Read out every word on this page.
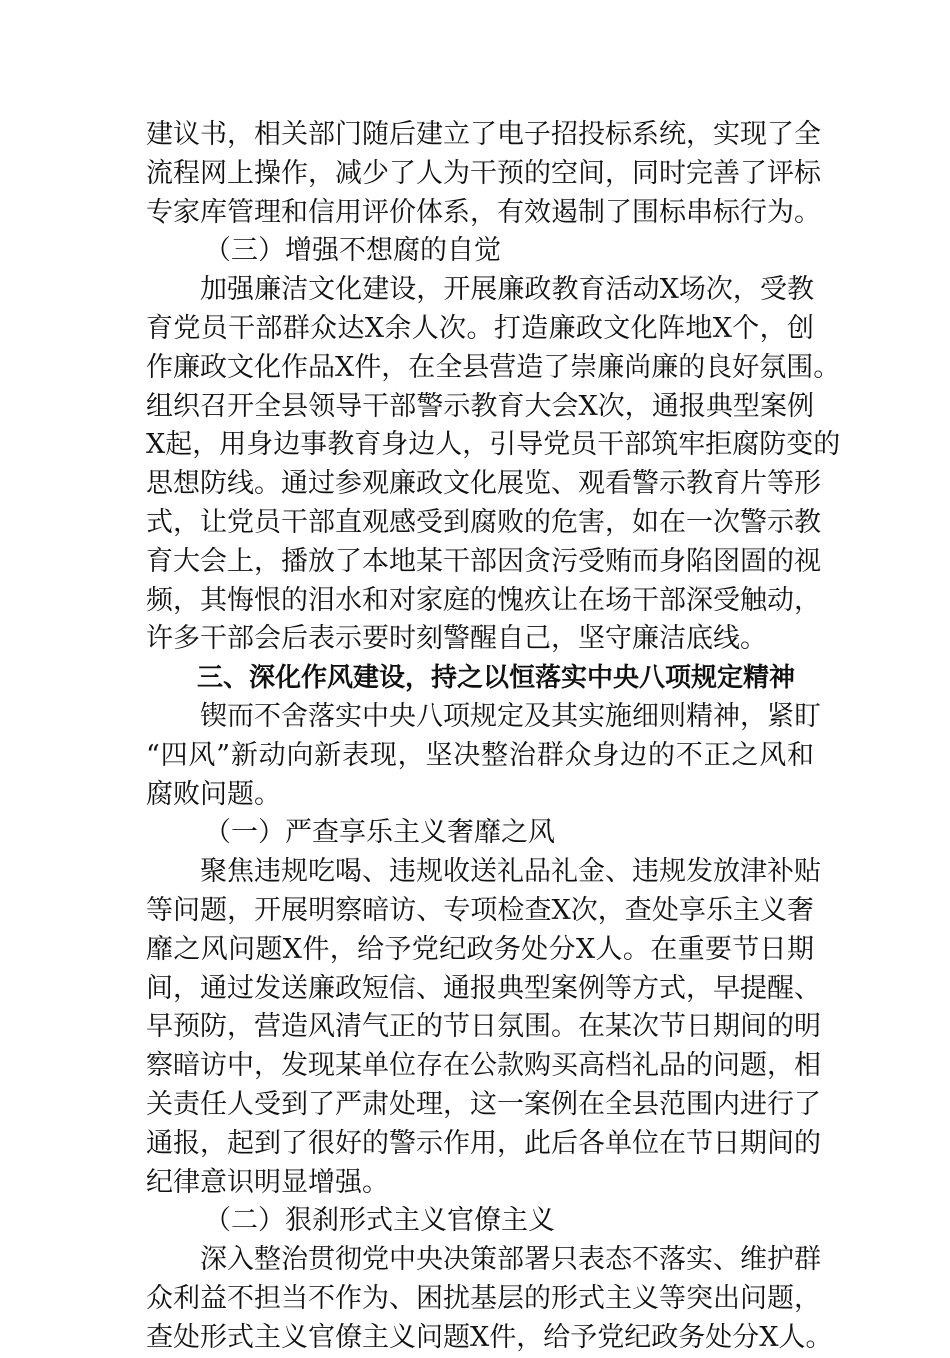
建议书，相关部门随后建立了电子招投标系统，实现了全
流程网上操作，减少了人为干预的空间，同时完善了评标
专家库管理和信用评价体系，有效遏制了围标串标行为。
（三）增强不想腐的自觉
加强廉洁文化建设，开展廉政教育活动X场次，受教
育党员干部群众达X余人次。打造廉政文化阵地X个，创
作廉政文化作品X件，在全县营造了崇廉尚廉的良好氛围。
组织召开全县领导干部警示教育大会X次，通报典型案例
X起，用身边事教育身边人，引导党员干部筑牢拒腐防变的
思想防线。通过参观廉政文化展览、观看警示教育片等形
式，让党员干部直观感受到腐败的危害，如在一次警示教
育大会上，播放了本地某干部因贪污受贿而身陷囹圄的视
频，其悔恨的泪水和对家庭的愧疚让在场干部深受触动，
许多干部会后表示要时刻警醒自己，坚守廉洁底线。
三、深化作风建设，持之以恒落实中央八项规定精神
锲而不舍落实中央八项规定及其实施细则精神，紧盯
“四风”新动向新表现，坚决整治群众身边的不正之风和
腐败问题。
（一）严查享乐主义奢靡之风
聚焦违规吃喝、违规收送礼品礼金、违规发放津补贴
等问题，开展明察暗访、专项检查X次，查处享乐主义奢
靡之风问题X件，给予党纪政务处分X人。在重要节日期
间，通过发送廉政短信、通报典型案例等方式，早提醒、
早预防，营造风清气正的节日氛围。在某次节日期间的明
察暗访中，发现某单位存在公款购买高档礼品的问题，相
关责任人受到了严肃处理，这一案例在全县范围内进行了
通报，起到了很好的警示作用，此后各单位在节日期间的
纪律意识明显增强。
（二）狠刹形式主义官僚主义
深入整治贯彻党中央决策部署只表态不落实、维护群
众利益不担当不作为、困扰基层的形式主义等突出问题，
查处形式主义官僚主义问题X件，给予党纪政务处分X人。
